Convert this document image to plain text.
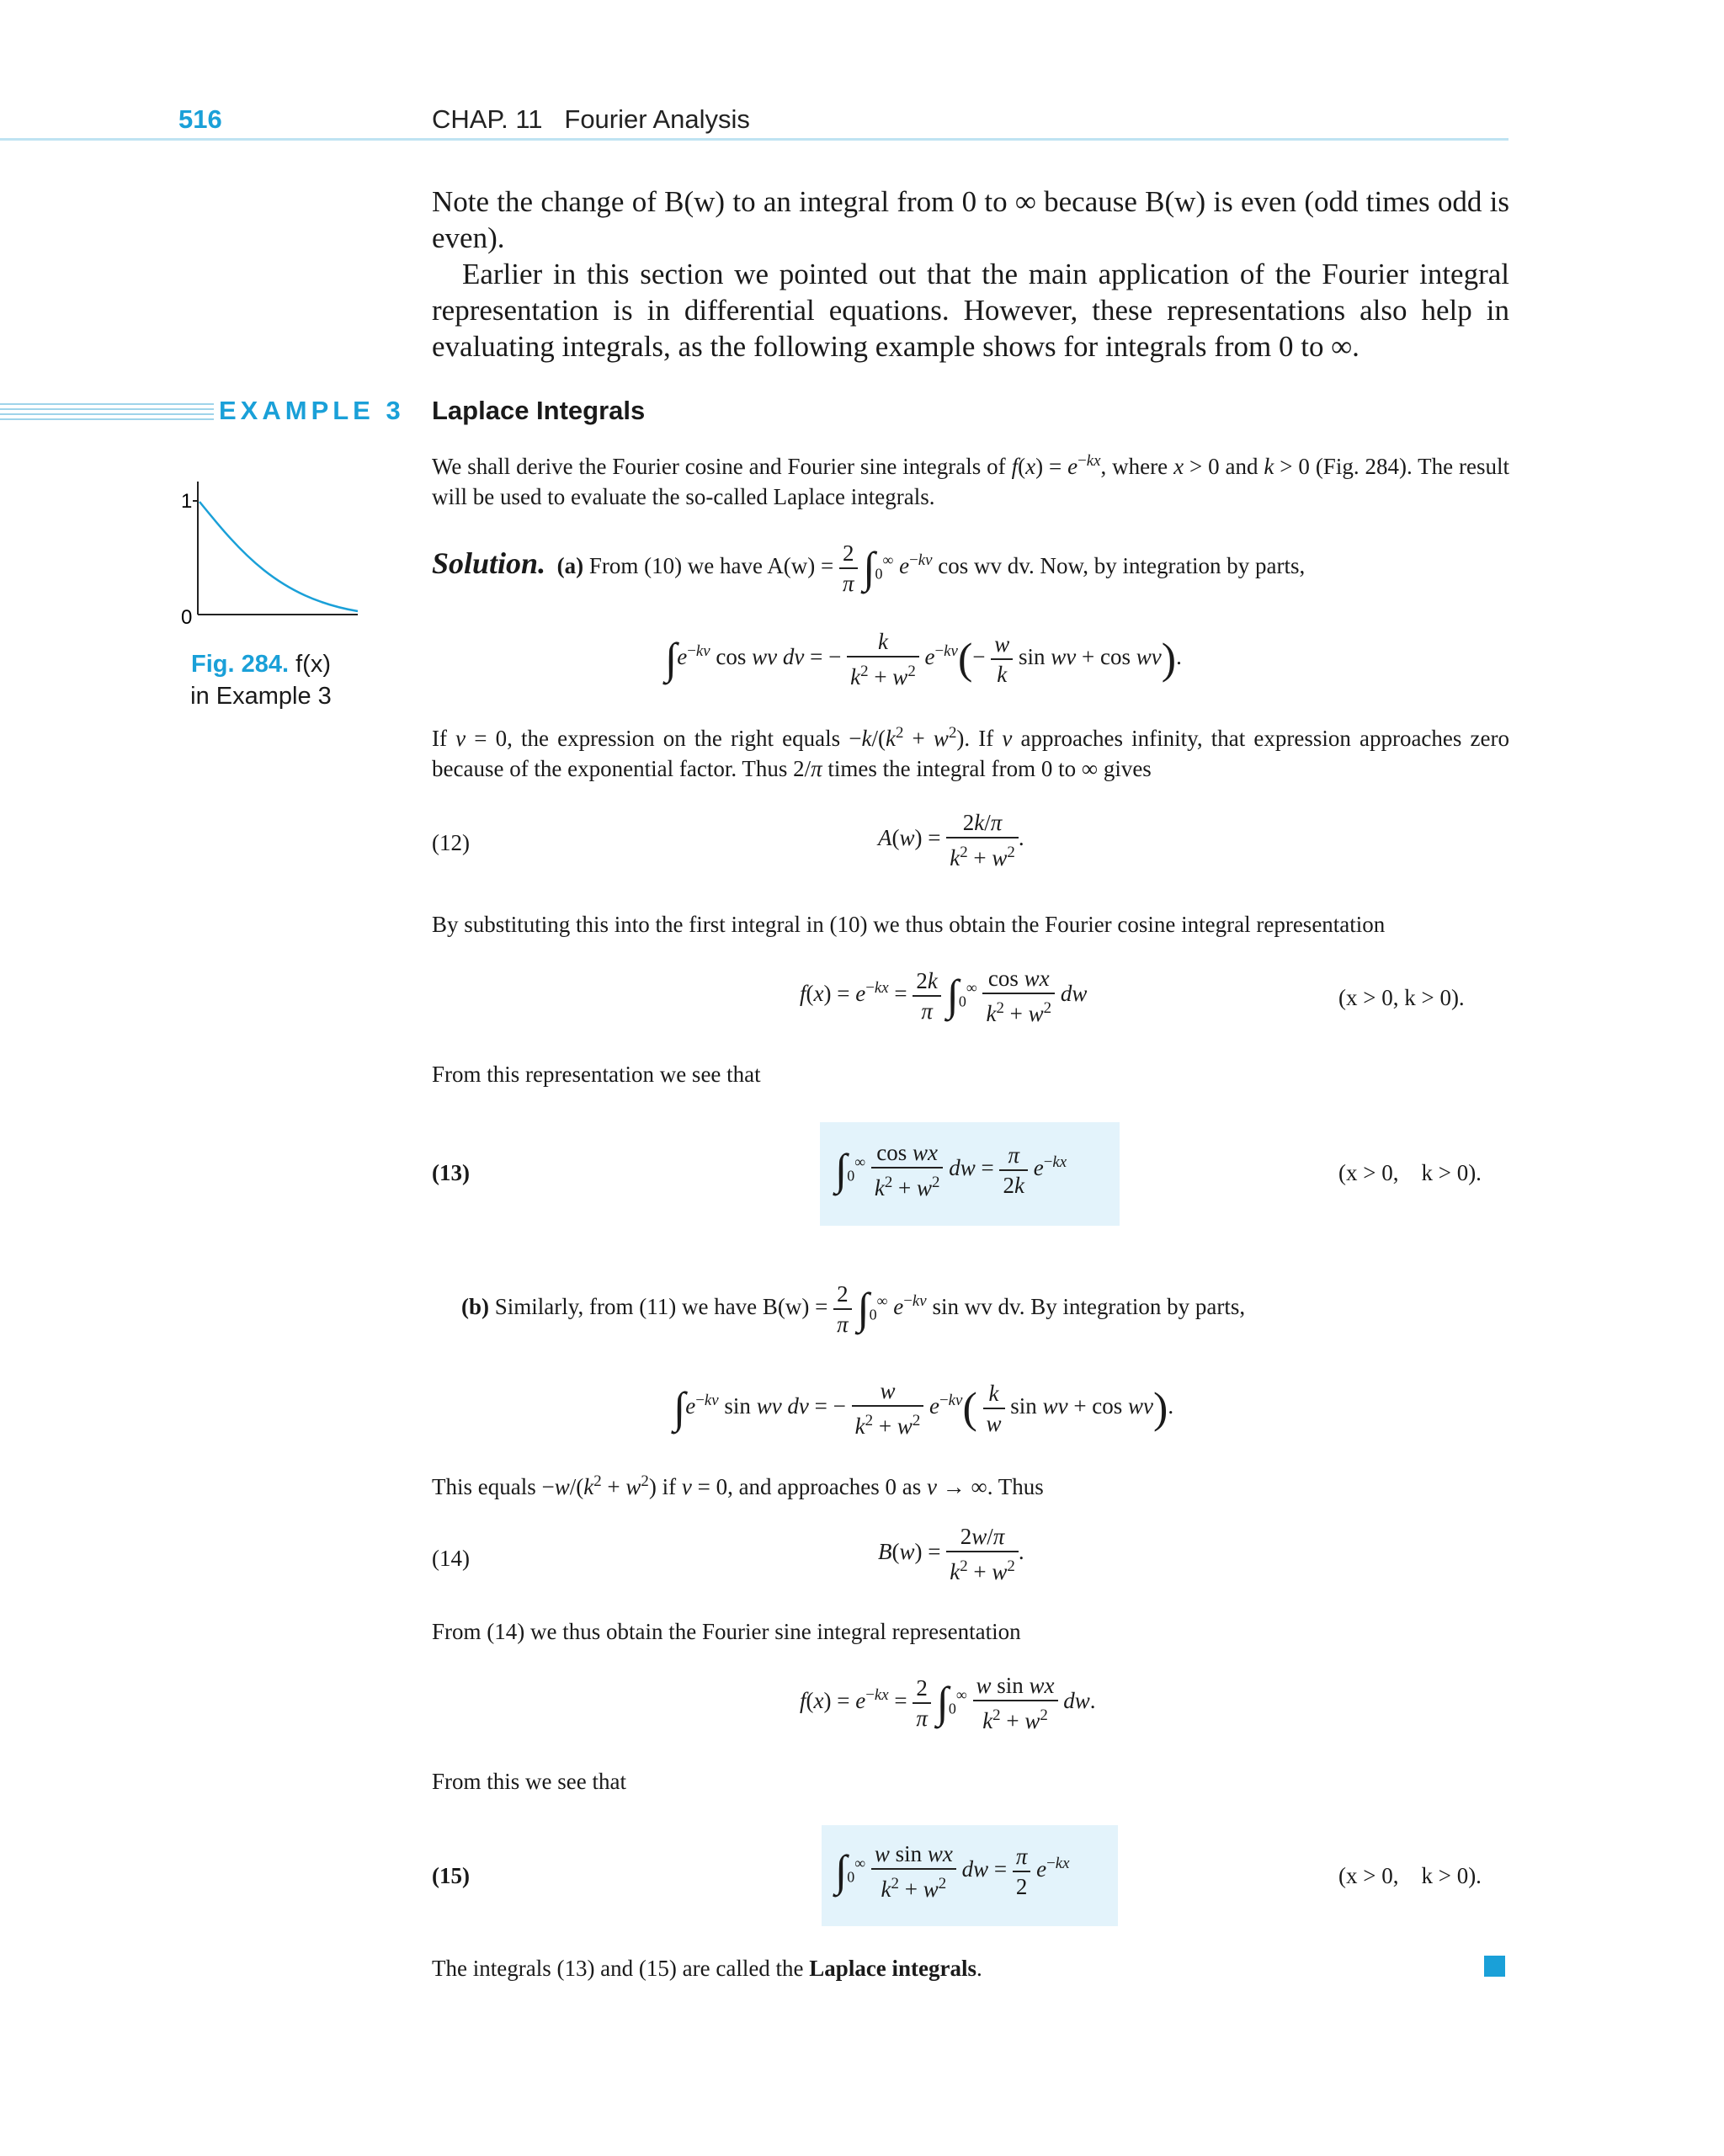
516	CHAP. 11   Fourier Analysis
Note the change of B(w) to an integral from 0 to ∞ because B(w) is even (odd times odd is even).
Earlier in this section we pointed out that the main application of the Fourier integral representation is in differential equations. However, these representations also help in evaluating integrals, as the following example shows for integrals from 0 to ∞.
EXAMPLE 3 Laplace Integrals
We shall derive the Fourier cosine and Fourier sine integrals of $f(x) = e^{-kx}$, where x > 0 and k > 0 (Fig. 284). The result will be used to evaluate the so-called Laplace integrals.
1
0
Fig. 284. f(x)
in Example 3
Solution. (a) From (10) we have $A(w) = \frac{2}{\pi} \int_0^\infty$ $e^{-kv}$ cos wv dv. Now, by integration by parts,
$\int e^{-kv}$ cos wv dv = − $\frac{k}{k^2 + w^2} e^{-kv}(- \frac{w}{k}$ sin wv + cos wv).
If v = 0, the expression on the right equals $-k/(k^2 + w^2)$. If v approaches infinity, that expression approaches zero because of the exponential factor. Thus 2/π times the integral from 0 to ∞ gives
(12)	$A(w) = \frac{2k/\pi}{k^2 + w^2}$ .
By substituting this into the first integral in (10) we thus obtain the Fourier cosine integral representation
$f(x) = e^{-kx} = \frac{2k}{\pi} \int_0^\infty \frac{\text{cos wx}}{k^2 + w^2}$ dw	(x > 0, k > 0).
From this representation we see that
(13)	$\int_0^\infty \frac{\text{cos wx}}{k^2 + w^2}$ dw = $\frac{\pi}{2k} e^{-kx}$	(x > 0,    k > 0).
(b) Similarly, from (11) we have $B(w) = \frac{2}{\pi} \int_0^\infty$ $e^{-kv}$ sin wv dv. By integration by parts,
$\int e^{-kv}$ sin wv dv = − $\frac{w}{k^2 + w^2} e^{-kv}( \frac{k}{w}$ sin wv + cos wv).
This equals $-w/(k^2 + w^2)$ if v = 0, and approaches 0 as v → ∞. Thus
(14)	$B(w) = \frac{2w/\pi}{k^2 + w^2}$ .
From (14) we thus obtain the Fourier sine integral representation
$f(x) = e^{-kx} = \frac{2}{\pi} \int_0^\infty \frac{\text{w sin wx}}{k^2 + w^2}$ dw.
From this we see that
(15)	$\int_0^\infty \frac{\text{w sin wx}}{k^2 + w^2}$ dw = $\frac{\pi}{2} e^{-kx}$	(x > 0,    k > 0).
The integrals (13) and (15) are called the Laplace integrals.
